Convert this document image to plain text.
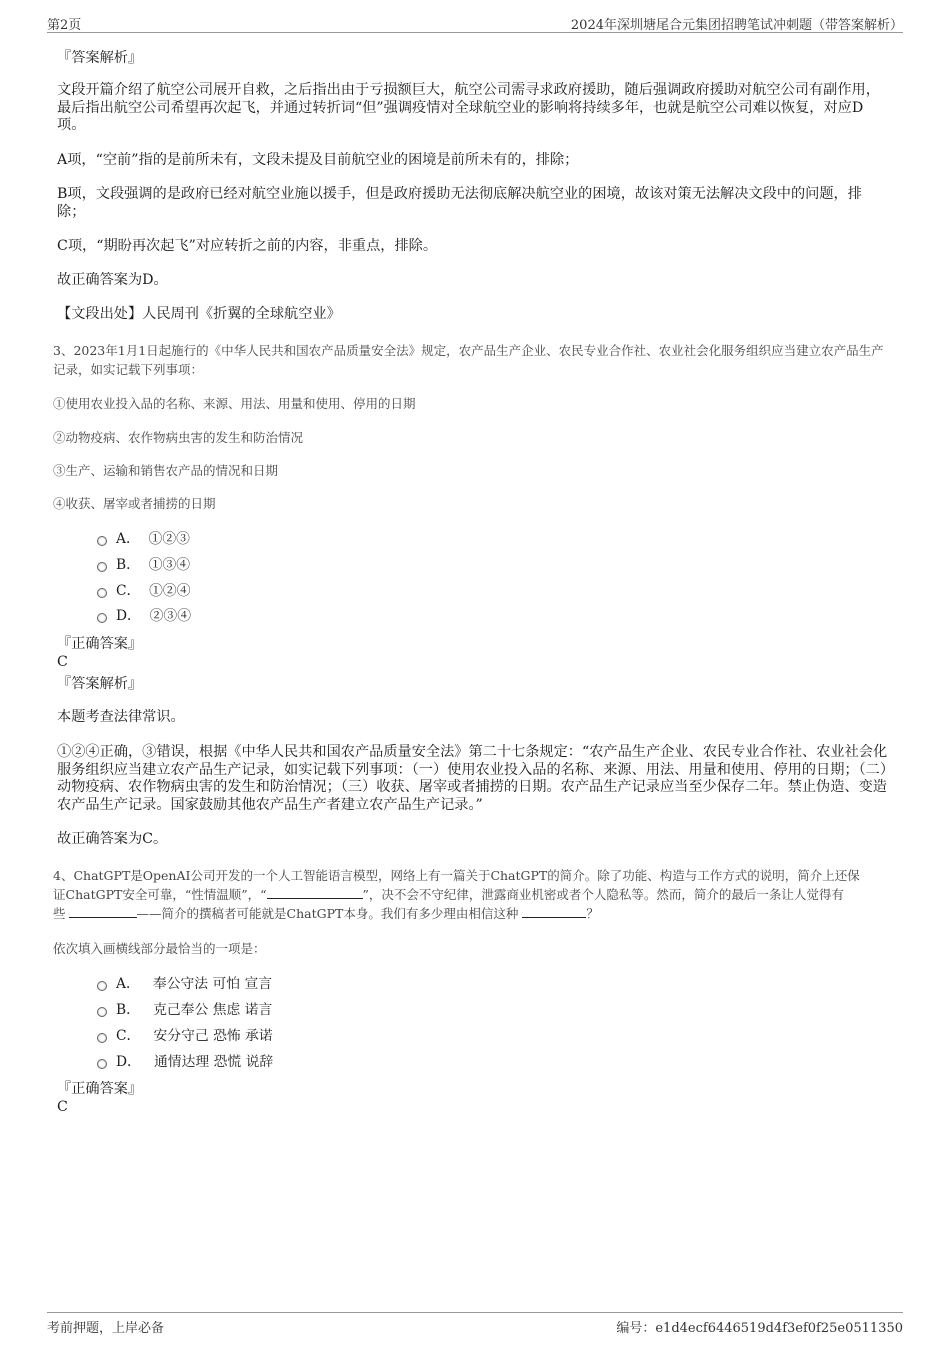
第2页	2024年深圳塘尾合元集团招聘笔试冲刺题（带答案解析）
『答案解析』
文段开篇介绍了航空公司展开自救，之后指出由于亏损额巨大，航空公司需寻求政府援助，随后强调政府援助对航空公司有副作用，最后指出航空公司希望再次起飞，并通过转折词“但”强调疫情对全球航空业的影响将持续多年，也就是航空公司难以恢复，对应D项。
A项，“空前”指的是前所未有，文段未提及目前航空业的困境是前所未有的，排除；
B项，文段强调的是政府已经对航空业施以援手，但是政府援助无法彻底解决航空业的困境，故该对策无法解决文段中的问题，排除；
C项，“期盼再次起飞”对应转折之前的内容，非重点，排除。
故正确答案为D。
【文段出处】人民周刊《折翼的全球航空业》
3、2023年1月1日起施行的《中华人民共和国农产品质量安全法》规定，农产品生产企业、农民专业合作社、农业社会化服务组织应当建立农产品生产记录，如实记载下列事项：
①使用农业投入品的名称、来源、用法、用量和使用、停用的日期
②动物疫病、农作物病虫害的发生和防治情况
③生产、运输和销售农产品的情况和日期
④收获、屠宰或者捕捞的日期
A．  ①②③
B．  ①③④
C．  ①②④
D．  ②③④
『正确答案』
C
『答案解析』
本题考查法律常识。
①②④正确，③错误，根据《中华人民共和国农产品质量安全法》第二十七条规定：“农产品生产企业、农民专业合作社、农业社会化服务组织应当建立农产品生产记录，如实记载下列事项：（一）使用农业投入品的名称、来源、用法、用量和使用、停用的日期；（二）动物疫病、农作物病虫害的发生和防治情况；（三）收获、屠宰或者捕捞的日期。农产品生产记录应当至少保存二年。禁止伪造、变造农产品生产记录。国家鼓励其他农产品生产者建立农产品生产记录。”
故正确答案为C。
4、ChatGPT是OpenAI公司开发的一个人工智能语言模型，网络上有一篇关于ChatGPT的简介。除了功能、构造与工作方式的说明，简介上还保
证ChatGPT安全可靠，“性情温顺”，“	”，决不会不守纪律，泄露商业机密或者个人隐私等。然而，简介的最后一条让人觉得有
些	——简介的撰稿者可能就是ChatGPT本身。我们有多少理由相信这种	？
依次填入画横线部分最恰当的一项是：
A．   奉公守法 可怕 宣言
B．   克己奉公 焦虑 诺言
C．   安分守己 恐怖 承诺
D．   通情达理 恐慌 说辞
『正确答案』
C
考前押题，上岸必备	编号：e1d4ecf6446519d4f3ef0f25e0511350
